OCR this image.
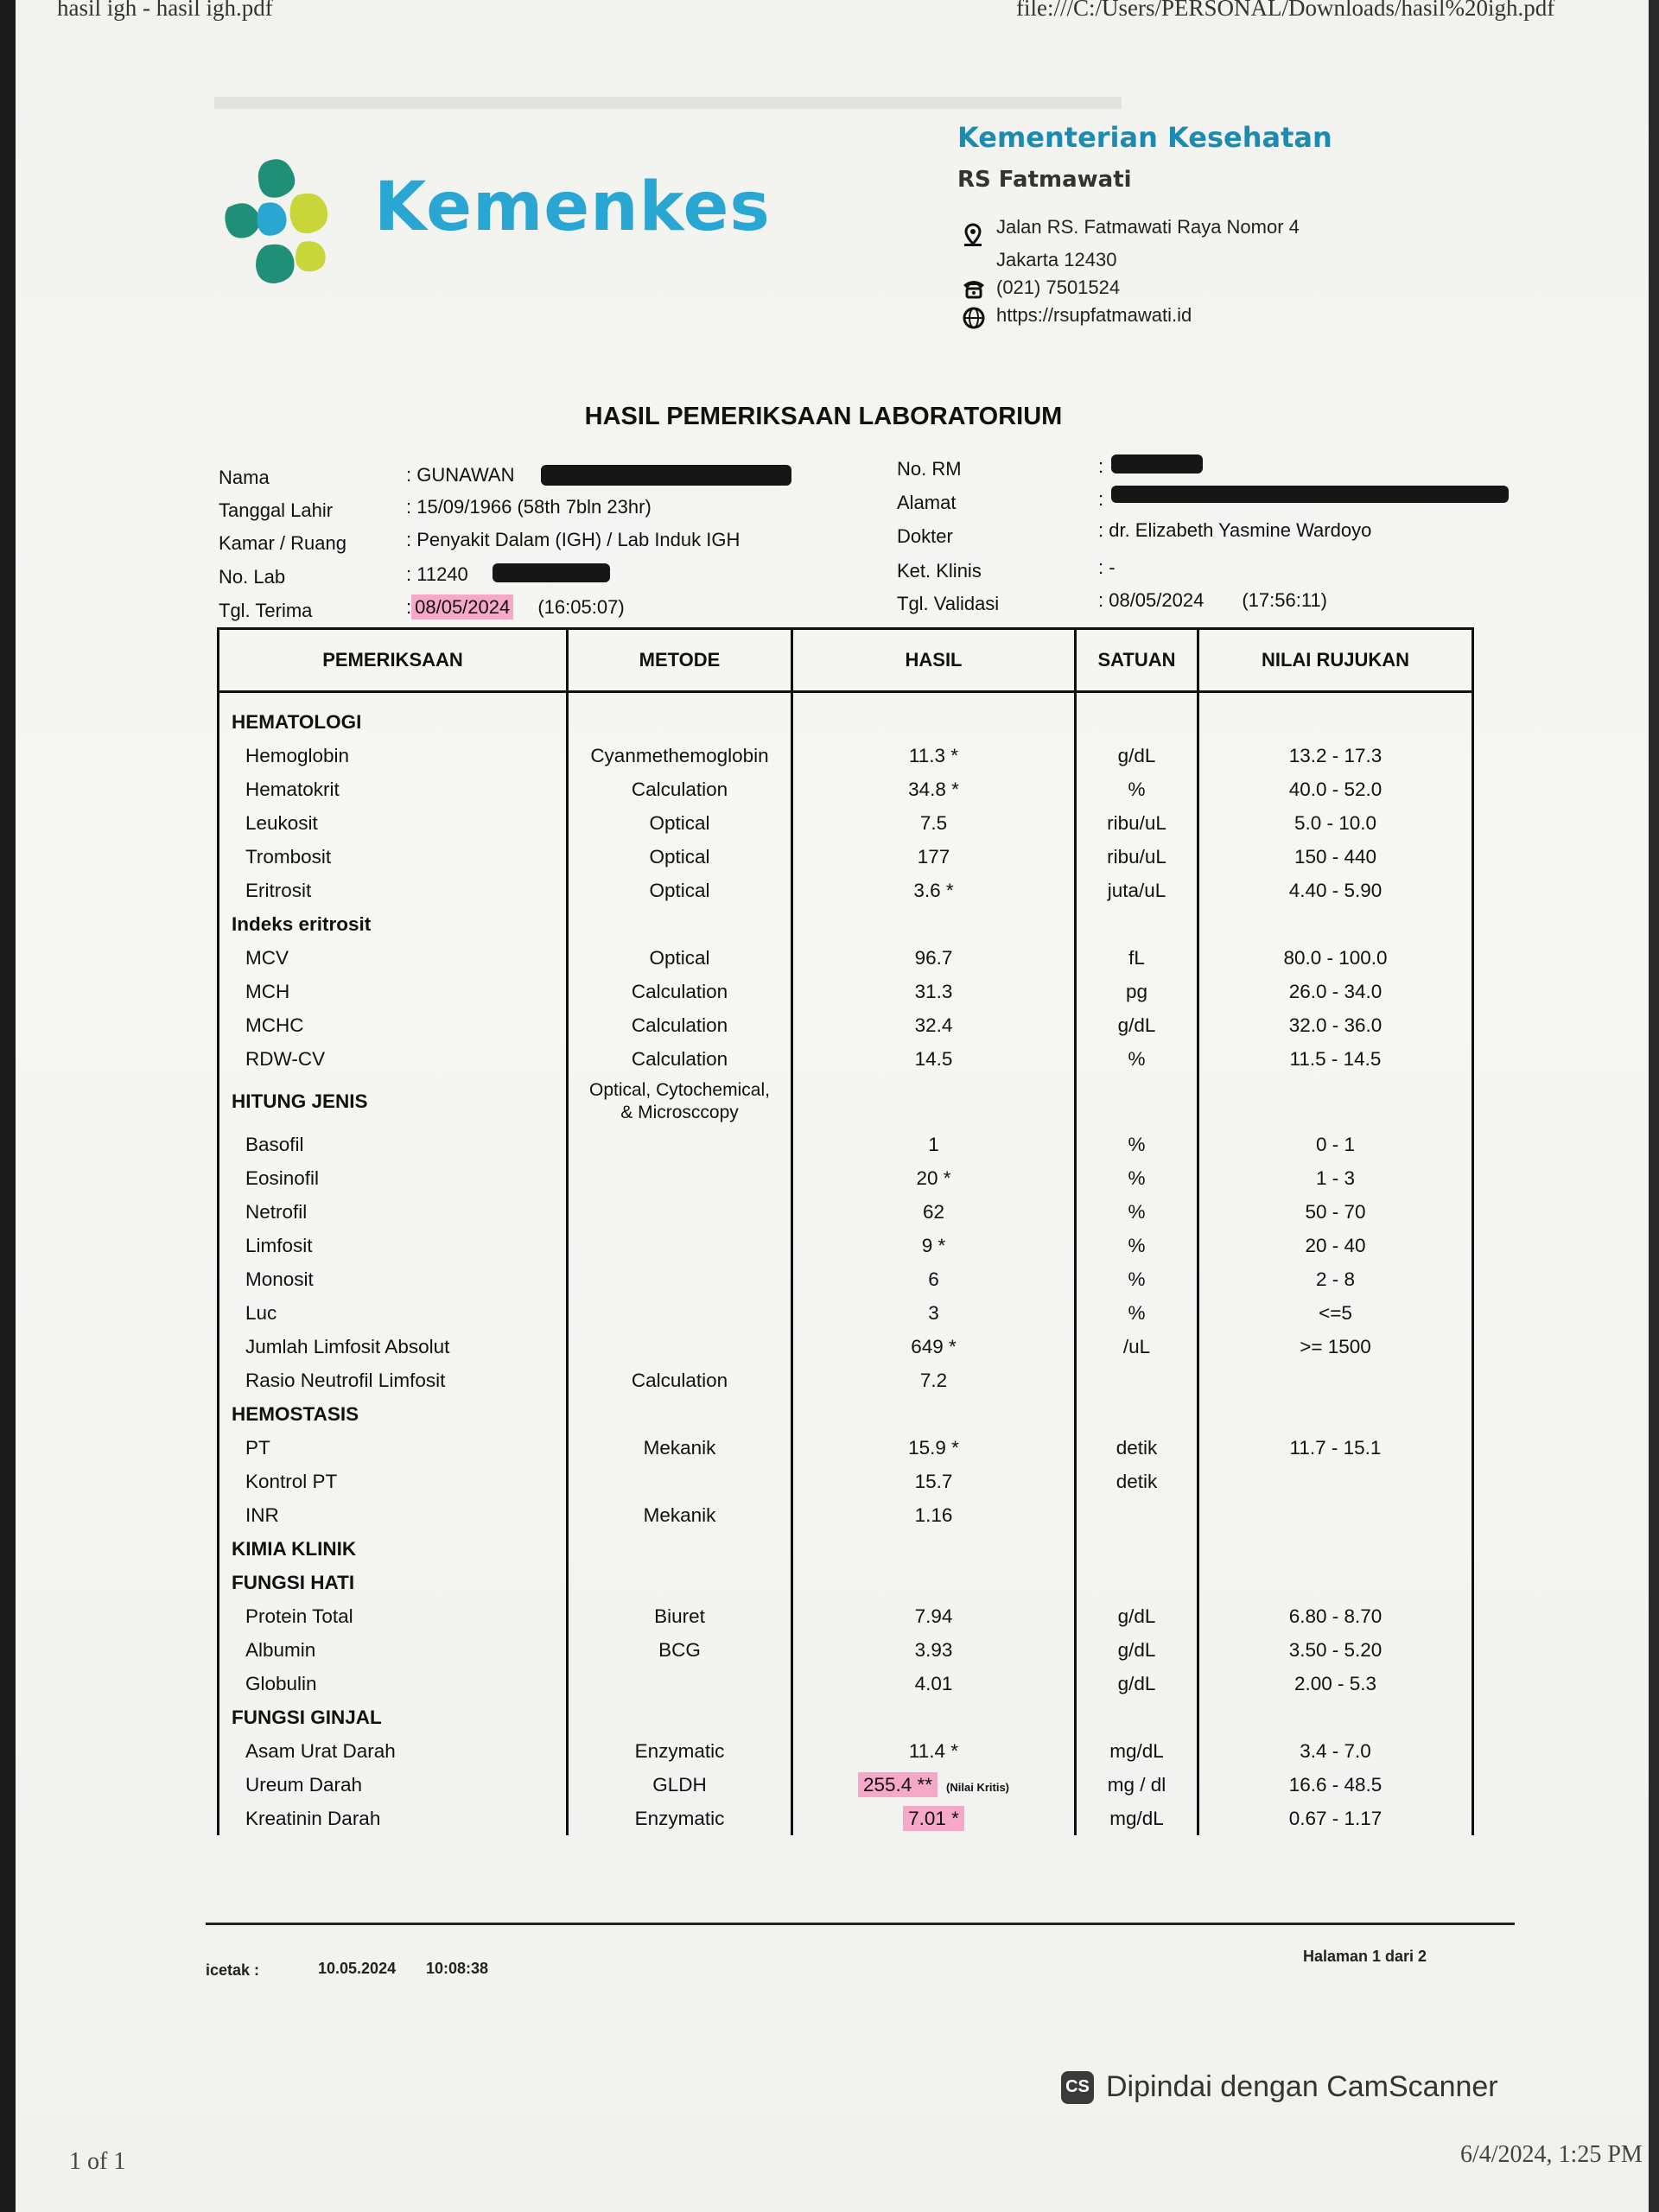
hasil igh - hasil igh.pdf	file:///C:/Users/PERSONAL/Downloads/hasil%20igh.pdf
Kemenkes
Kementerian Kesehatan
RS Fatmawati
Jalan RS. Fatmawati Raya Nomor 4
Jakarta 12430
(021) 7501524
https://rsupfatmawati.id
HASIL PEMERIKSAAN LABORATORIUM
Nama	: GUNAWAN
Tanggal Lahir	: 15/09/1966 (58th 7bln 23hr)
Kamar / Ruang	: Penyakit Dalam (IGH) / Lab Induk IGH
No. Lab	: 11240
Tgl. Terima	: 08/05/2024 (16:05:07)
No. RM	:
Alamat	:
Dokter	: dr. Elizabeth Yasmine Wardoyo
Ket. Klinis	: -
Tgl. Validasi	: 08/05/2024 (17:56:11)
PEMERIKSAAN	METODE	HASIL	SATUAN	NILAI RUJUKAN
HEMATOLOGI				
Hemoglobin	Cyanmethemoglobin	11.3 *	g/dL	13.2 - 17.3
Hematokrit	Calculation	34.8 *	%	40.0 - 52.0
Leukosit	Optical	7.5	ribu/uL	5.0 - 10.0
Trombosit	Optical	177	ribu/uL	150 - 440
Eritrosit	Optical	3.6 *	juta/uL	4.40 - 5.90
Indeks eritrosit				
MCV	Optical	96.7	fL	80.0 - 100.0
MCH	Calculation	31.3	pg	26.0 - 34.0
MCHC	Calculation	32.4	g/dL	32.0 - 36.0
RDW-CV	Calculation	14.5	%	11.5 - 14.5
HITUNG JENIS	Optical, Cytochemical, & Microsccopy			
Basofil		1	%	0 - 1
Eosinofil		20 *	%	1 - 3
Netrofil		62	%	50 - 70
Limfosit		9 *	%	20 - 40
Monosit		6	%	2 - 8
Luc		3	%	<=5
Jumlah Limfosit Absolut		649 *	/uL	>= 1500
Rasio Neutrofil Limfosit	Calculation	7.2		
HEMOSTASIS				
PT	Mekanik	15.9 *	detik	11.7 - 15.1
Kontrol PT		15.7	detik	
INR	Mekanik	1.16		
KIMIA KLINIK				
FUNGSI HATI				
Protein Total	Biuret	7.94	g/dL	6.80 - 8.70
Albumin	BCG	3.93	g/dL	3.50 - 5.20
Globulin		4.01	g/dL	2.00 - 5.3
FUNGSI GINJAL				
Asam Urat Darah	Enzymatic	11.4 *	mg/dL	3.4 - 7.0
Ureum Darah	GLDH	255.4 ** (Nilai Kritis)	mg / dl	16.6 - 48.5
Kreatinin Darah	Enzymatic	7.01 *	mg/dL	0.67 - 1.17
icetak :	10.05.2024 10:08:38
Halaman 1 dari 2
CS Dipindai dengan CamScanner
1 of 1	6/4/2024, 1:25 PM
